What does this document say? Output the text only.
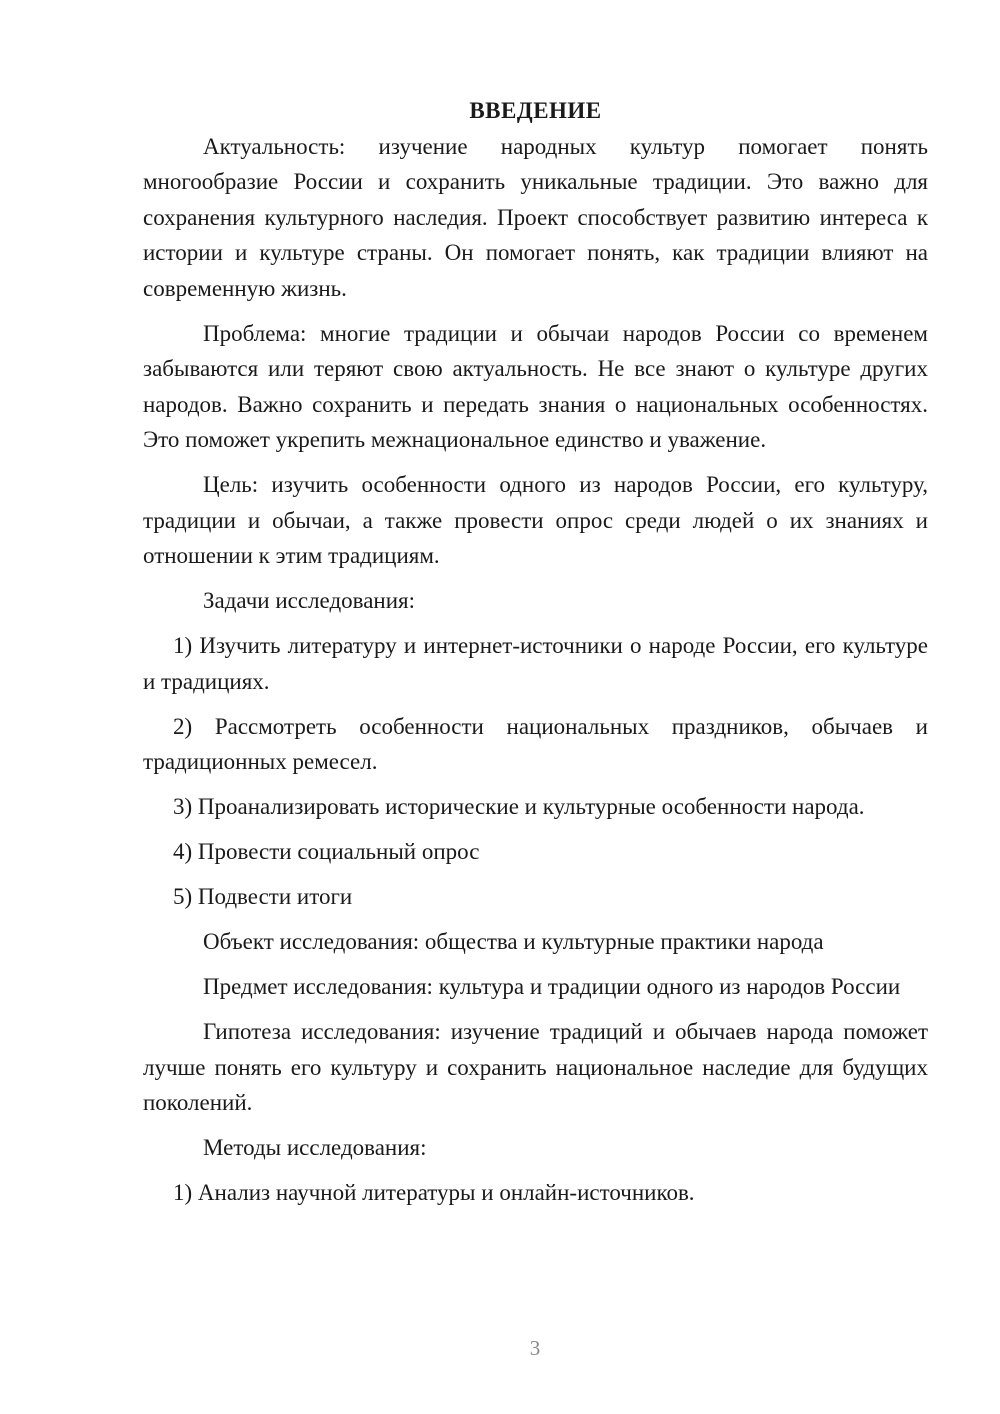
ВВЕДЕНИЕ

Актуальность: изучение народных культур помогает понять многообразие России и сохранить уникальные традиции. Это важно для сохранения культурного наследия. Проект способствует развитию интереса к истории и культуре страны. Он помогает понять, как традиции влияют на современную жизнь.

Проблема: многие традиции и обычаи народов России со временем забываются или теряют свою актуальность. Не все знают о культуре других народов. Важно сохранить и передать знания о национальных особенностях. Это поможет укрепить межнациональное единство и уважение.

Цель: изучить особенности одного из народов России, его культуру, традиции и обычаи, а также провести опрос среди людей о их знаниях и отношении к этим традициям.

Задачи исследования:

1) Изучить литературу и интернет-источники о народе России, его культуре и традициях.

2) Рассмотреть особенности национальных праздников, обычаев и традиционных ремесел.

3) Проанализировать исторические и культурные особенности народа.

4) Провести социальный опрос

5) Подвести итоги

Объект исследования: общества и культурные практики народа

Предмет исследования: культура и традиции одного из народов России

Гипотеза исследования: изучение традиций и обычаев народа поможет лучше понять его культуру и сохранить национальное наследие для будущих поколений.

Методы исследования:

1) Анализ научной литературы и онлайн-источников.

3
